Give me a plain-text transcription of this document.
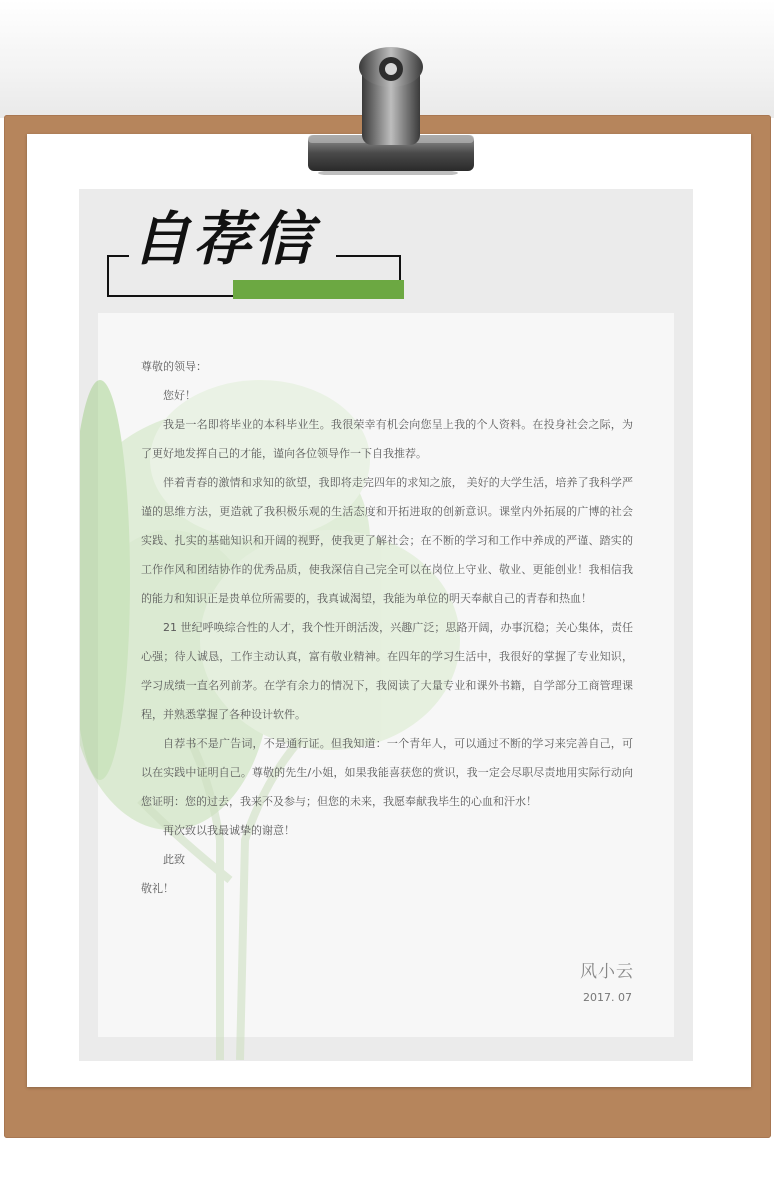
自荐信

尊敬的领导：

您好！

我是一名即将毕业的本科毕业生。我很荣幸有机会向您呈上我的个人资料。在投身社会之际，为了更好地发挥自己的才能，谨向各位领导作一下自我推荐。

伴着青春的激情和求知的欲望，我即将走完四年的求知之旅， 美好的大学生活，培养了我科学严谨的思维方法，更造就了我积极乐观的生活态度和开拓进取的创新意识。课堂内外拓展的广博的社会实践、扎实的基础知识和开阔的视野，使我更了解社会；在不断的学习和工作中养成的严谨、踏实的工作作风和团结协作的优秀品质，使我深信自己完全可以在岗位上守业、敬业、更能创业！我相信我的能力和知识正是贵单位所需要的，我真诚渴望，我能为单位的明天奉献自己的青春和热血！

21 世纪呼唤综合性的人才，我个性开朗活泼，兴趣广泛；思路开阔，办事沉稳；关心集体，责任心强；待人诚恳，工作主动认真，富有敬业精神。在四年的学习生活中，我很好的掌握了专业知识，学习成绩一直名列前茅。在学有余力的情况下，我阅读了大量专业和课外书籍，自学部分工商管理课程，并熟悉掌握了各种设计软件。

自荐书不是广告词，不是通行证。但我知道：一个青年人，可以通过不断的学习来完善自己，可以在实践中证明自己。尊敬的先生/小姐，如果我能喜获您的赏识，我一定会尽职尽责地用实际行动向您证明：您的过去，我来不及参与；但您的未来，我愿奉献我毕生的心血和汗水！

再次致以我最诚挚的谢意！

此致

敬礼！

风小云
2017. 07
